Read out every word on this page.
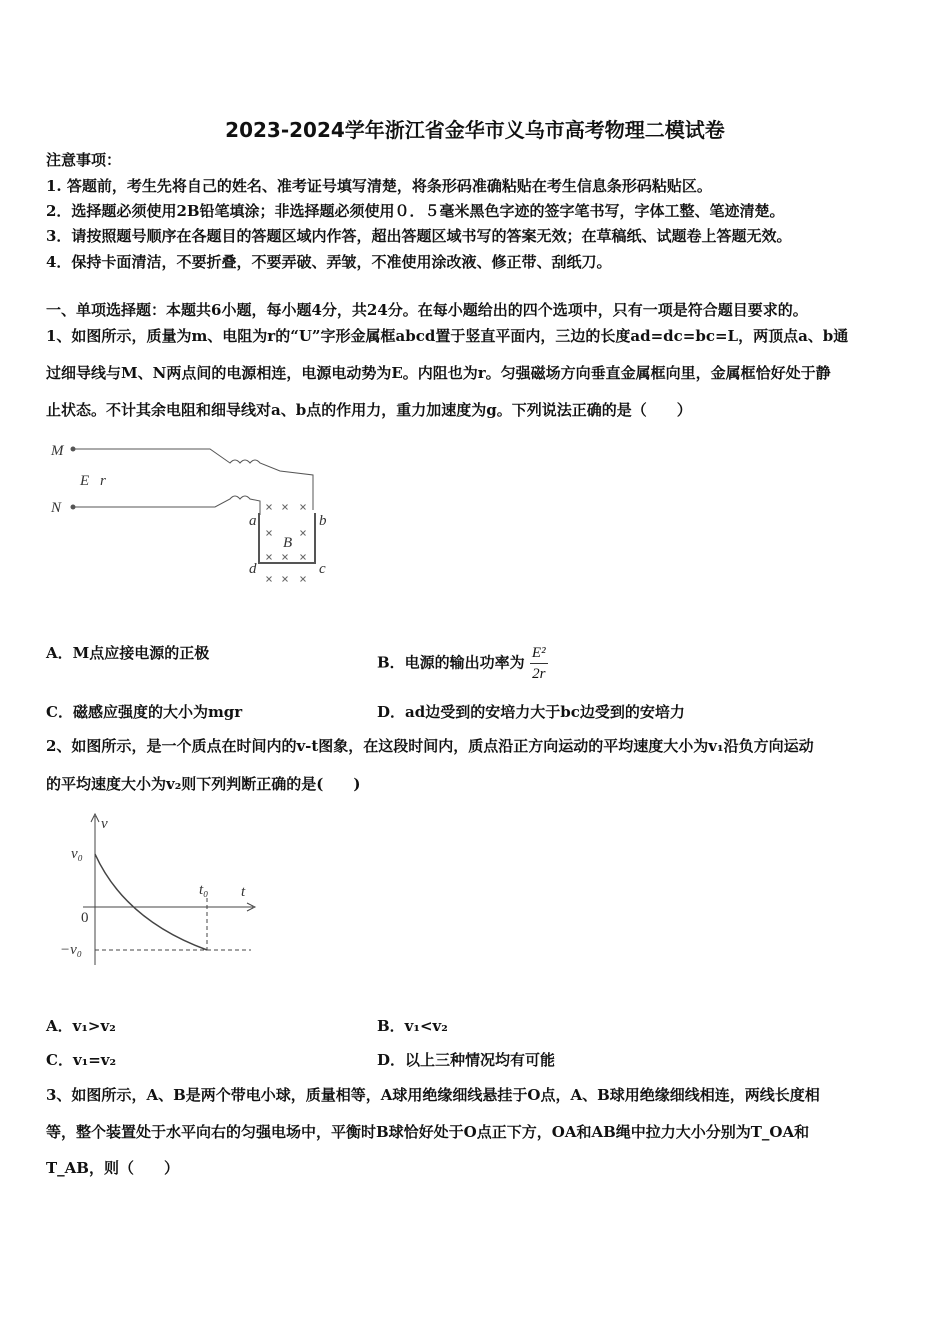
2023-2024学年浙江省金华市义乌市高考物理二模试卷
注意事项：
1. 答题前，考生先将自己的姓名、准考证号填写清楚，将条形码准确粘贴在考生信息条形码粘贴区。
2．选择题必须使用2B铅笔填涂；非选择题必须使用０．５毫米黑色字迹的签字笔书写，字体工整、笔迹清楚。
3．请按照题号顺序在各题目的答题区域内作答，超出答题区域书写的答案无效；在草稿纸、试题卷上答题无效。
4．保持卡面清洁，不要折叠，不要弄破、弄皱，不准使用涂改液、修正带、刮纸刀。
一、单项选择题：本题共6小题，每小题4分，共24分。在每小题给出的四个选项中，只有一项是符合题目要求的。
1、如图所示，质量为m、电阻为r的“U”字形金属框abcd置于竖直平面内，三边的长度ad=dc=bc=L，两顶点a、b通
过细导线与M、N两点间的电源相连，电源电动势为E。内阻也为r。匀强磁场方向垂直金属框向里，金属框恰好处于静
止状态。不计其余电阻和细导线对a、b点的作用力，重力加速度为g。下列说法正确的是（　　）
M
N
E r
a	b
c
d
B
A．M点应接电源的正极
B．电源的输出功率为 $\frac{\text{E²}}{2r}$
C．磁感应强度的大小为mgr	D．ad边受到的安培力大于bc边受到的安培力
2、如图所示，是一个质点在时间内的v-t图象，在这段时间内，质点沿正方向运动的平均速度大小为v₁沿负方向运动
的平均速度大小为v₂则下列判断正确的是(　　)
v
t
v₀
−v₀
t₀
0
A．v₁>v₂	B．v₁<v₂
C．v₁=v₂	D．以上三种情况均有可能
3、如图所示，A、B是两个带电小球，质量相等，A球用绝缘细线悬挂于O点，A、B球用绝缘细线相连，两线长度相
等，整个装置处于水平向右的匀强电场中，平衡时B球恰好处于O点正下方，OA和AB绳中拉力大小分别为T_OA和
T_AB，则（　　）
